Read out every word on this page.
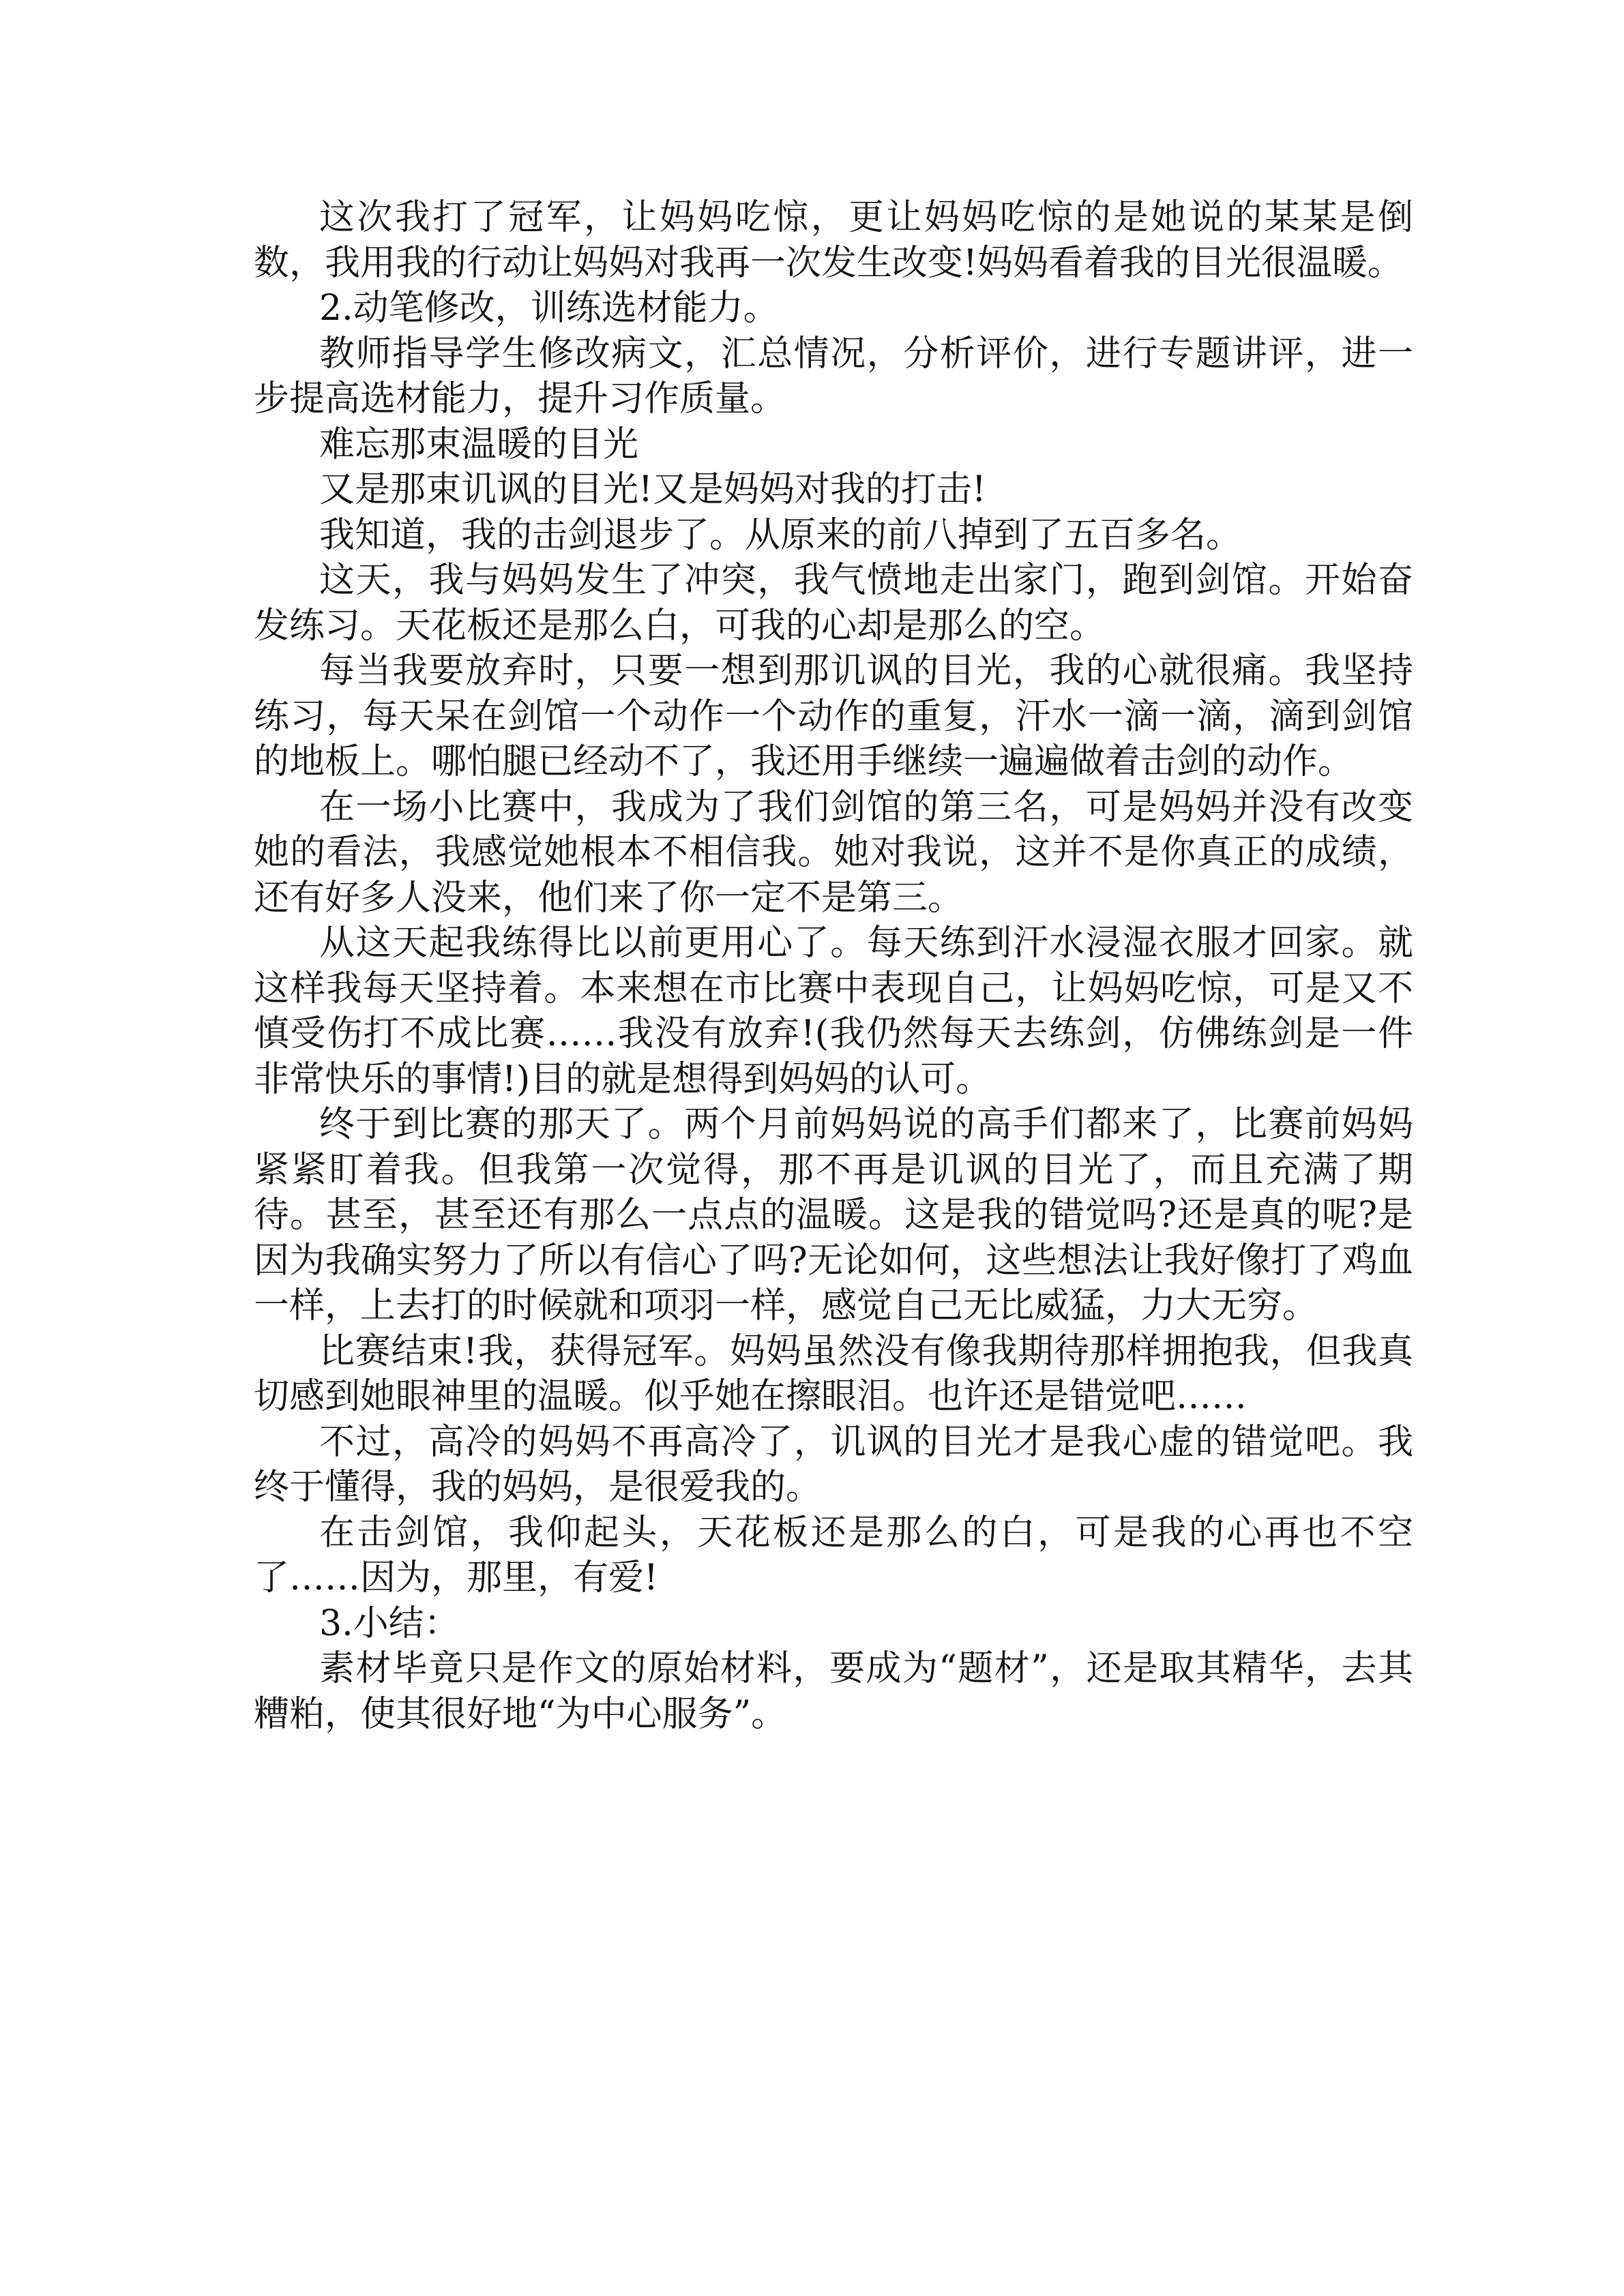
这次我打了冠军，让妈妈吃惊，更让妈妈吃惊的是她说的某某是倒数，我用我的行动让妈妈对我再一次发生改变!妈妈看着我的目光很温暖。

2.动笔修改，训练选材能力。

教师指导学生修改病文，汇总情况，分析评价，进行专题讲评，进一步提高选材能力，提升习作质量。

难忘那束温暖的目光

又是那束讥讽的目光!又是妈妈对我的打击!

我知道，我的击剑退步了。从原来的前八掉到了五百多名。

这天，我与妈妈发生了冲突，我气愤地走出家门，跑到剑馆。开始奋发练习。天花板还是那么白，可我的心却是那么的空。

每当我要放弃时，只要一想到那讥讽的目光，我的心就很痛。我坚持练习，每天呆在剑馆一个动作一个动作的重复，汗水一滴一滴，滴到剑馆的地板上。哪怕腿已经动不了，我还用手继续一遍遍做着击剑的动作。

在一场小比赛中，我成为了我们剑馆的第三名，可是妈妈并没有改变她的看法，我感觉她根本不相信我。她对我说，这并不是你真正的成绩，还有好多人没来，他们来了你一定不是第三。

从这天起我练得比以前更用心了。每天练到汗水浸湿衣服才回家。就这样我每天坚持着。本来想在市比赛中表现自己，让妈妈吃惊，可是又不慎受伤打不成比赛……我没有放弃!(我仍然每天去练剑，仿佛练剑是一件非常快乐的事情!)目的就是想得到妈妈的认可。

终于到比赛的那天了。两个月前妈妈说的高手们都来了，比赛前妈妈紧紧盯着我。但我第一次觉得，那不再是讥讽的目光了，而且充满了期待。甚至，甚至还有那么一点点的温暖。这是我的错觉吗?还是真的呢?是因为我确实努力了所以有信心了吗?无论如何，这些想法让我好像打了鸡血一样，上去打的时候就和项羽一样，感觉自己无比威猛，力大无穷。

比赛结束!我，获得冠军。妈妈虽然没有像我期待那样拥抱我，但我真切感到她眼神里的温暖。似乎她在擦眼泪。也许还是错觉吧……

不过，高冷的妈妈不再高冷了，讥讽的目光才是我心虚的错觉吧。我终于懂得，我的妈妈，是很爱我的。

在击剑馆，我仰起头，天花板还是那么的白，可是我的心再也不空了……因为，那里，有爱!

3.小结：

素材毕竟只是作文的原始材料，要成为“题材”，还是取其精华，去其糟粕，使其很好地“为中心服务”。
